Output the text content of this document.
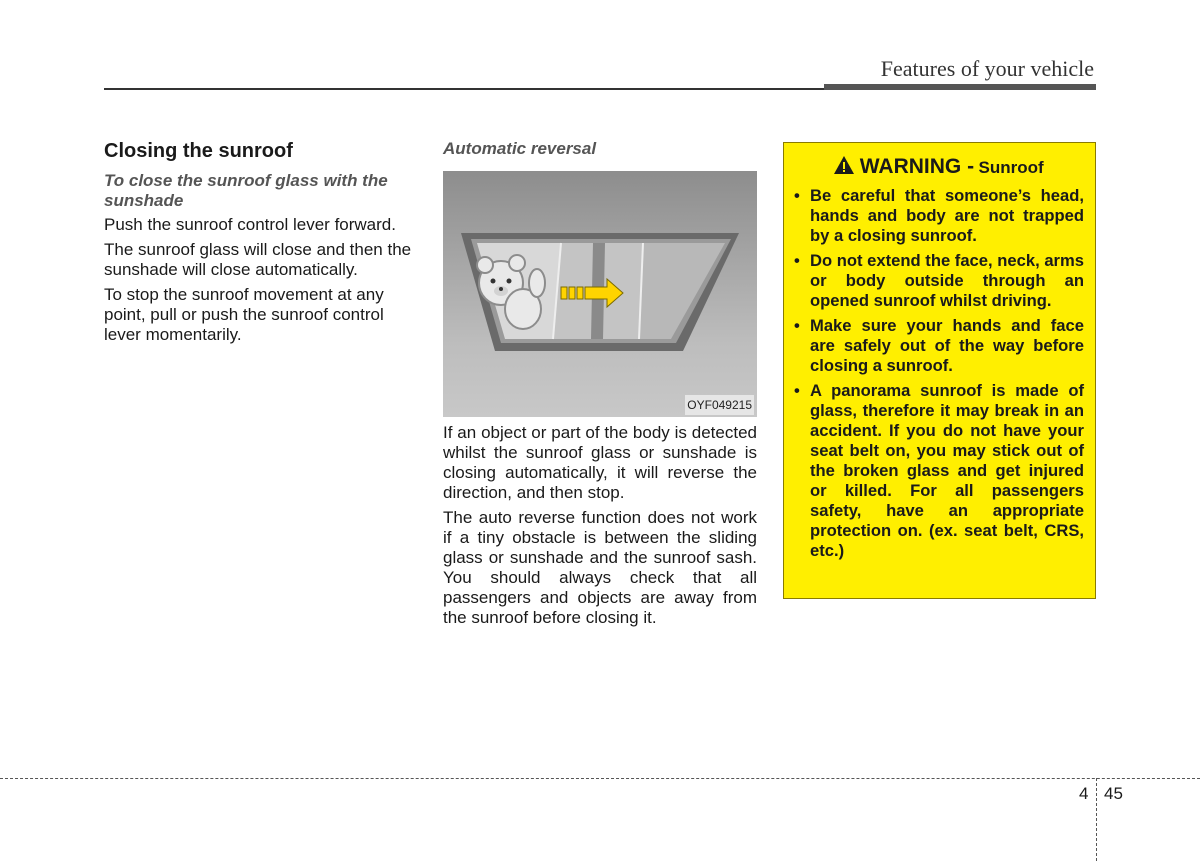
Features of your vehicle
Closing the sunroof
To close the sunroof glass with the sunshade

Push the sunroof control lever forward.

The sunroof glass will close and then the sunshade will close automatically.

To stop the sunroof movement at any point, pull or push the sunroof control lever momentarily.

Automatic reversal
OYF049215

If an object or part of the body is detected whilst the sunroof glass or sunshade is closing automatically, it will reverse the direction, and then stop.

The auto reverse function does not work if a tiny obstacle is between the sliding glass or sunshade and the sunroof sash. You should always check that all passengers and objects are away from the sunroof before closing it.

WARNING - Sunroof
• Be careful that someone’s head, hands and body are not trapped by a closing sunroof.
• Do not extend the face, neck, arms or body outside through an opened sunroof whilst driving.
• Make sure your hands and face are safely out of the way before closing a sunroof.
• A panorama sunroof is made of glass, therefore it may break in an accident. If you do not have your seat belt on, you may stick out of the broken glass and get injured or killed. For all passengers safety, have an appropriate protection on. (ex. seat belt, CRS, etc.)
4 45
